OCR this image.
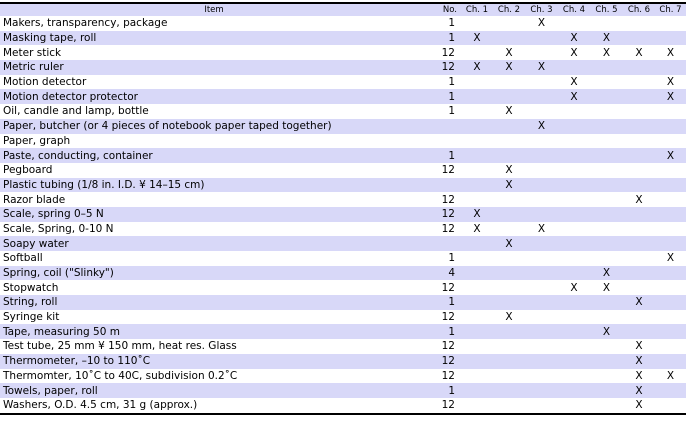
Item	No.	Ch. 1	Ch. 2	Ch. 3	Ch. 4	Ch. 5	Ch. 6	Ch. 7
Makers, transparency, package	1			X				
Masking tape, roll	1	X			X	X		
Meter stick	12		X		X	X	X	X
Metric ruler	12	X	X	X				
Motion detector	1				X			X
Motion detector protector	1				X			X
Oil, candle and lamp, bottle	1		X					
Paper, butcher (or 4 pieces of notebook paper taped together)				X				
Paper, graph								
Paste, conducting, container	1							X
Pegboard	12		X					
Plastic tubing (1/8 in. I.D. ¥ 14–15 cm)			X					
Razor blade	12						X	
Scale, spring 0–5 N	12	X						
Scale, Spring, 0-10 N	12	X		X				
Soapy water			X					
Softball	1							X
Spring, coil ("Slinky")	4					X		
Stopwatch	12				X	X		
String, roll	1						X	
Syringe kit	12		X					
Tape, measuring 50 m	1					X		
Test tube, 25 mm ¥ 150 mm, heat res. Glass	12						X	
Thermometer, –10 to 110˚C	12						X	
Thermomter, 10˚C to 40C, subdivision 0.2˚C	12						X	X
Towels, paper, roll	1						X	
Washers, O.D. 4.5 cm, 31 g (approx.)	12						X	
